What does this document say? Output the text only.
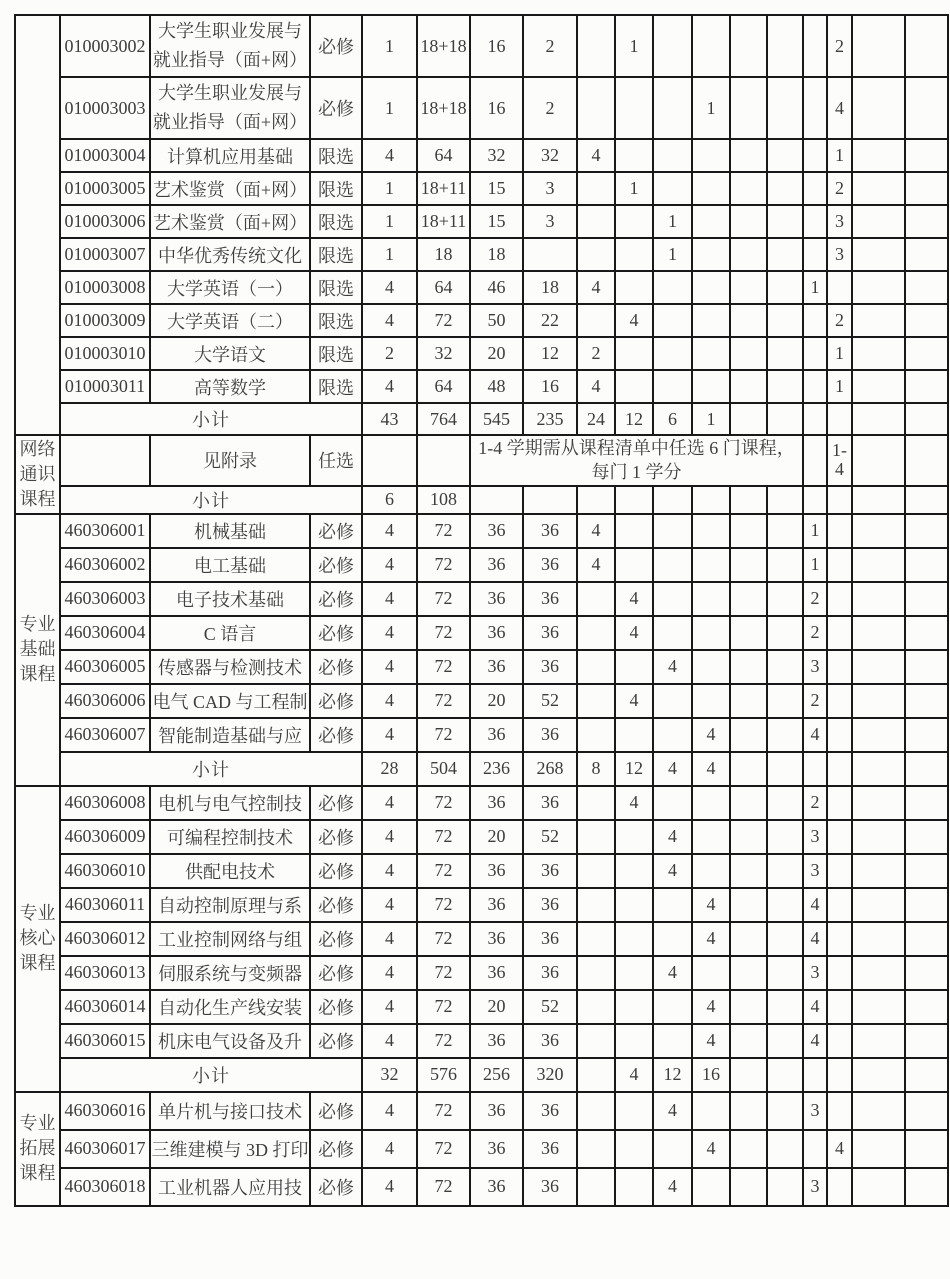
	010003002	大学生职业发展与就业指导（面+网）	必修	1	18+18	16	2		1						2		
	010003003	大学生职业发展与就业指导（面+网）	必修	1	18+18	16	2				1				4		
	010003004	计算机应用基础	限选	4	64	32	32	4							1		
	010003005	艺术鉴赏（面+网）	限选	1	18+11	15	3		1						2		
	010003006	艺术鉴赏（面+网）	限选	1	18+11	15	3			1					3		
	010003007	中华优秀传统文化	限选	1	18	18				1					3		
	010003008	大学英语（一）	限选	4	64	46	18	4						1			
	010003009	大学英语（二）	限选	4	72	50	22		4						2		
	010003010	大学语文	限选	2	32	20	12	2							1		
	010003011	高等数学	限选	4	64	48	16	4							1		
	小计			43	764	545	235	24	12	6	1						
网络通识课程		见附录	任选			1-4 学期需从课程清单中任选 6 门课程，每门 1 学分									1-4		
	小计			6	108												
专业基础课程	460306001	机械基础	必修	4	72	36	36	4						1			
	460306002	电工基础	必修	4	72	36	36	4						1			
	460306003	电子技术基础	必修	4	72	36	36		4					2			
	460306004	C 语言	必修	4	72	36	36		4					2			
	460306005	传感器与检测技术	必修	4	72	36	36			4				3			
	460306006	电气 CAD 与工程制	必修	4	72	20	52		4					2			
	460306007	智能制造基础与应	必修	4	72	36	36				4			4			
	小计			28	504	236	268	8	12	4	4						
专业核心课程	460306008	电机与电气控制技	必修	4	72	36	36		4					2			
	460306009	可编程控制技术	必修	4	72	20	52			4				3			
	460306010	供配电技术	必修	4	72	36	36			4				3			
	460306011	自动控制原理与系	必修	4	72	36	36				4			4			
	460306012	工业控制网络与组	必修	4	72	36	36				4			4			
	460306013	伺服系统与变频器	必修	4	72	36	36			4				3			
	460306014	自动化生产线安装	必修	4	72	20	52				4			4			
	460306015	机床电气设备及升	必修	4	72	36	36				4			4			
	小计			32	576	256	320		4	12	16						
专业拓展课程	460306016	单片机与接口技术	必修	4	72	36	36			4				3			
	460306017	三维建模与 3D 打印	必修	4	72	36	36				4				4		
	460306018	工业机器人应用技	必修	4	72	36	36			4				3			
